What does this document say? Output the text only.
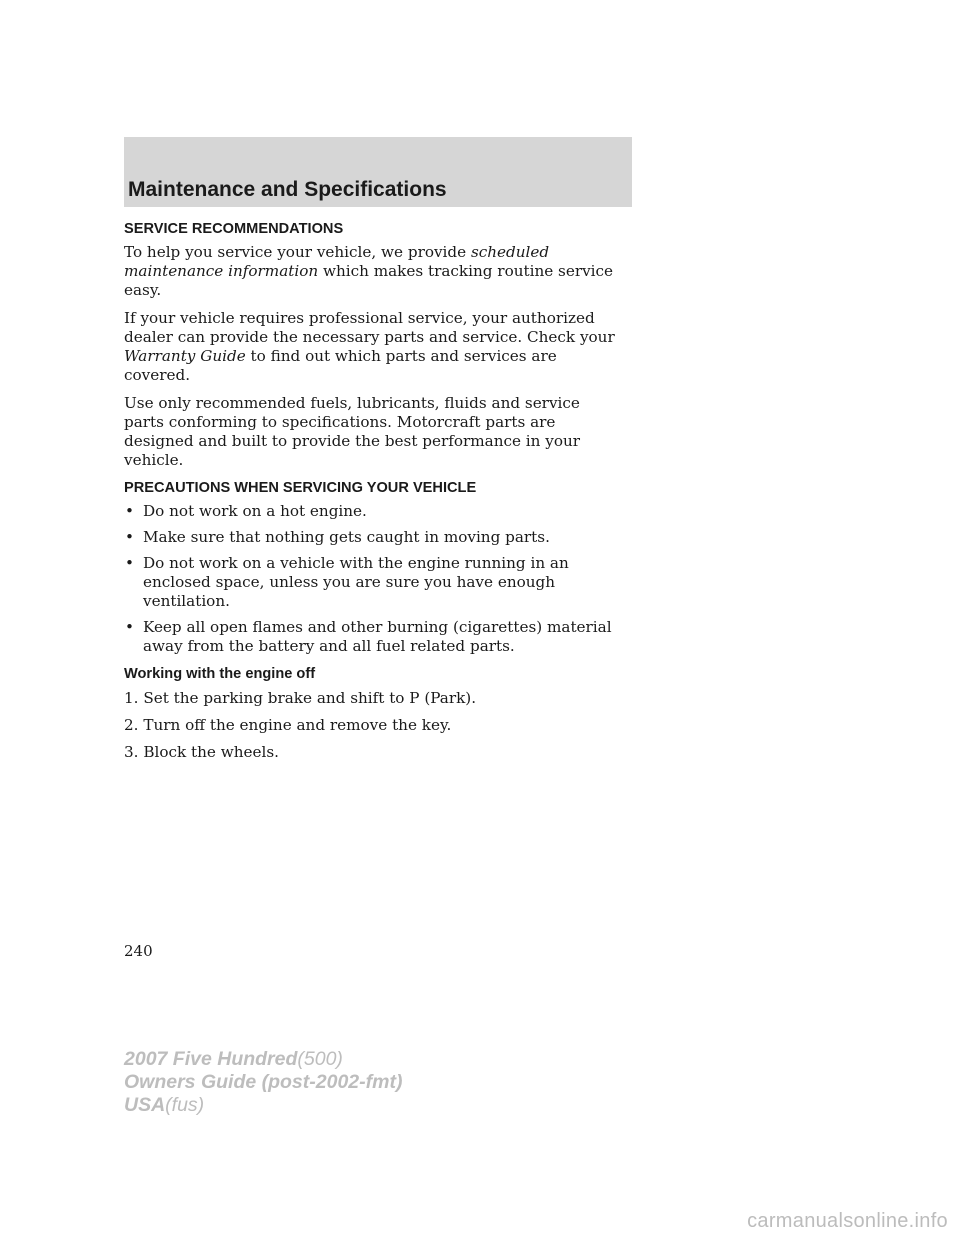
Maintenance and Specifications
SERVICE RECOMMENDATIONS

To help you service your vehicle, we provide scheduled maintenance information which makes tracking routine service easy.

If your vehicle requires professional service, your authorized dealer can provide the necessary parts and service. Check your Warranty Guide to find out which parts and services are covered.

Use only recommended fuels, lubricants, fluids and service parts conforming to specifications. Motorcraft parts are designed and built to provide the best performance in your vehicle.

PRECAUTIONS WHEN SERVICING YOUR VEHICLE
• Do not work on a hot engine.
• Make sure that nothing gets caught in moving parts.
• Do not work on a vehicle with the engine running in an enclosed space, unless you are sure you have enough ventilation.
• Keep all open flames and other burning (cigarettes) material away from the battery and all fuel related parts.
Working with the engine off
1. Set the parking brake and shift to P (Park).
2. Turn off the engine and remove the key.
3. Block the wheels.
240
2007 Five Hundred(500)
Owners Guide (post-2002-fmt)
USA(fus)
carmanualsonline.info
